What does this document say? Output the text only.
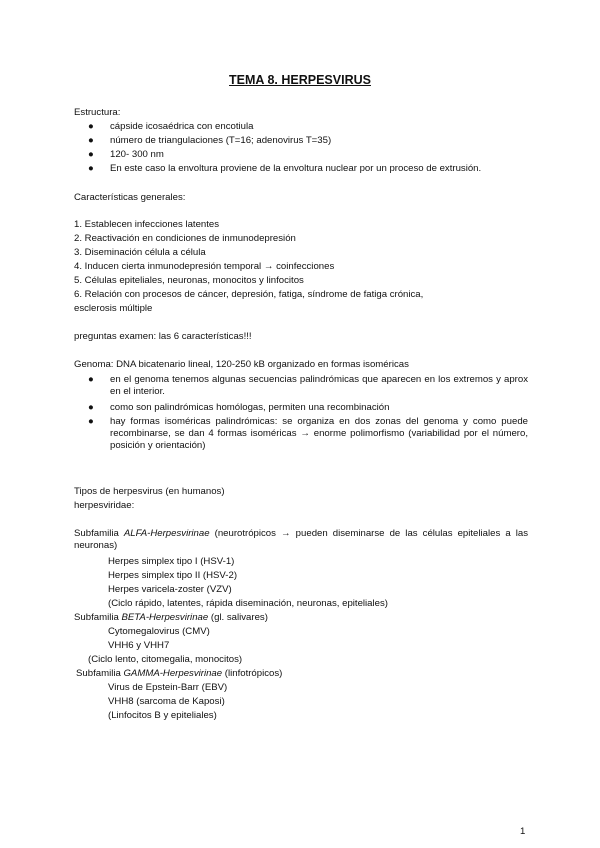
TEMA 8. HERPESVIRUS
Estructura:
● cápside icosaédrica con encotiula
● número de triangulaciones (T=16; adenovirus T=35)
● 120- 300 nm
● En este caso la envoltura proviene de la envoltura nuclear por un proceso de extrusión.
Características generales:
1. Establecen infecciones latentes
2. Reactivación en condiciones de inmunodepresión
3. Diseminación célula a célula
4. Inducen cierta inmunodepresión temporal → coinfecciones
5. Células epiteliales, neuronas, monocitos y linfocitos
6. Relación con procesos de cáncer, depresión, fatiga, síndrome de fatiga crónica,
esclerosis múltiple
preguntas examen: las 6 características!!!
Genoma: DNA bicatenario lineal, 120-250 kB organizado en formas isoméricas
● en el genoma tenemos algunas secuencias palindrómicas que aparecen en los extremos y aprox en el interior.
● como son palindrómicas homólogas, permiten una recombinación
● hay formas isoméricas palindrómicas: se organiza en dos zonas del genoma y como puede recombinarse, se dan 4 formas isoméricas → enorme polimorfismo (variabilidad por el número, posición y orientación)
Tipos de herpesvirus (en humanos)
herpesviridae:
Subfamilia ALFA-Herpesvirinae (neurotrópicos → pueden diseminarse de las células epiteliales a las neuronas)
Herpes simplex tipo I (HSV-1)
Herpes simplex tipo II (HSV-2)
Herpes varicela-zoster (VZV)
(Ciclo rápido, latentes, rápida diseminación, neuronas, epiteliales)
Subfamilia BETA-Herpesvirinae (gl. salivares)
Cytomegalovirus (CMV)
VHH6 y VHH7
(Ciclo lento, citomegalia, monocitos)
Subfamilia GAMMA-Herpesvirinae (linfotrópicos)
Virus de Epstein-Barr (EBV)
VHH8 (sarcoma de Kaposi)
(Linfocitos B y epiteliales)
1
